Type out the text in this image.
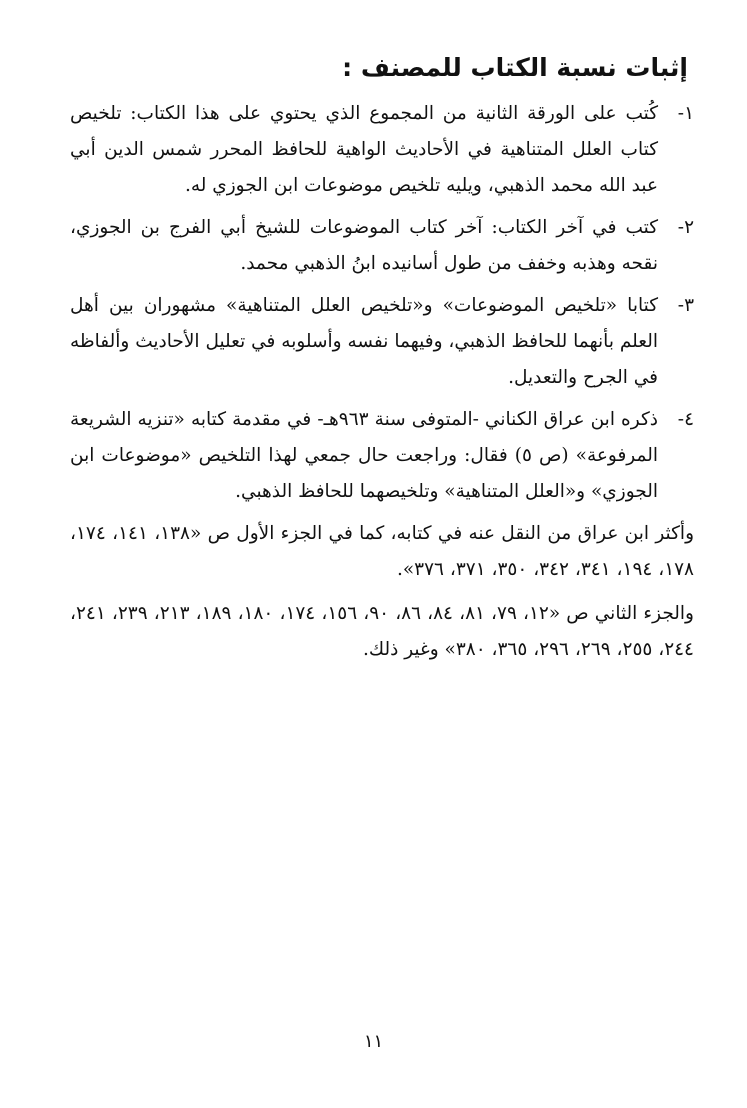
إثبات نسبة الكتاب للمصنف :
١-
كُتب على الورقة الثانية من المجموع الذي يحتوي على هذا الكتاب: تلخيص كتاب العلل المتناهية في الأحاديث الواهية للحافظ المحرر شمس الدين أبي عبد الله محمد الذهبي، ويليه تلخيص موضوعات ابن الجوزي له.
٢-
كتب في آخر الكتاب: آخر كتاب الموضوعات للشيخ أبي الفرج بن الجوزي، نقحه وهذبه وخفف من طول أسانيده ابنُ الذهبي محمد.
٣-
كتابا «تلخيص الموضوعات» و«تلخيص العلل المتناهية» مشهوران بين أهل العلم بأنهما للحافظ الذهبي، وفيهما نفسه وأسلوبه في تعليل الأحاديث وألفاظه في الجرح والتعديل.
٤-
ذكره ابن عراق الكناني -المتوفى سنة ٩٦٣هـ- في مقدمة كتابه «تنزيه الشريعة المرفوعة» (ص ٥) فقال: وراجعت حال جمعي لهذا التلخيص «موضوعات ابن الجوزي» و«العلل المتناهية» وتلخيصهما للحافظ الذهبي.
وأكثر ابن عراق من النقل عنه في كتابه، كما في الجزء الأول ص «١٣٨، ١٤١، ١٧٤، ١٧٨، ١٩٤، ٣٤١، ٣٤٢، ٣٥٠، ٣٧١، ٣٧٦».
والجزء الثاني ص «١٢، ٧٩، ٨١، ٨٤، ٨٦، ٩٠، ١٥٦، ١٧٤، ١٨٠، ١٨٩، ٢١٣، ٢٣٩، ٢٤١، ٢٤٤، ٢٥٥، ٢٦٩، ٢٩٦، ٣٦٥، ٣٨٠» وغير ذلك.
١١
